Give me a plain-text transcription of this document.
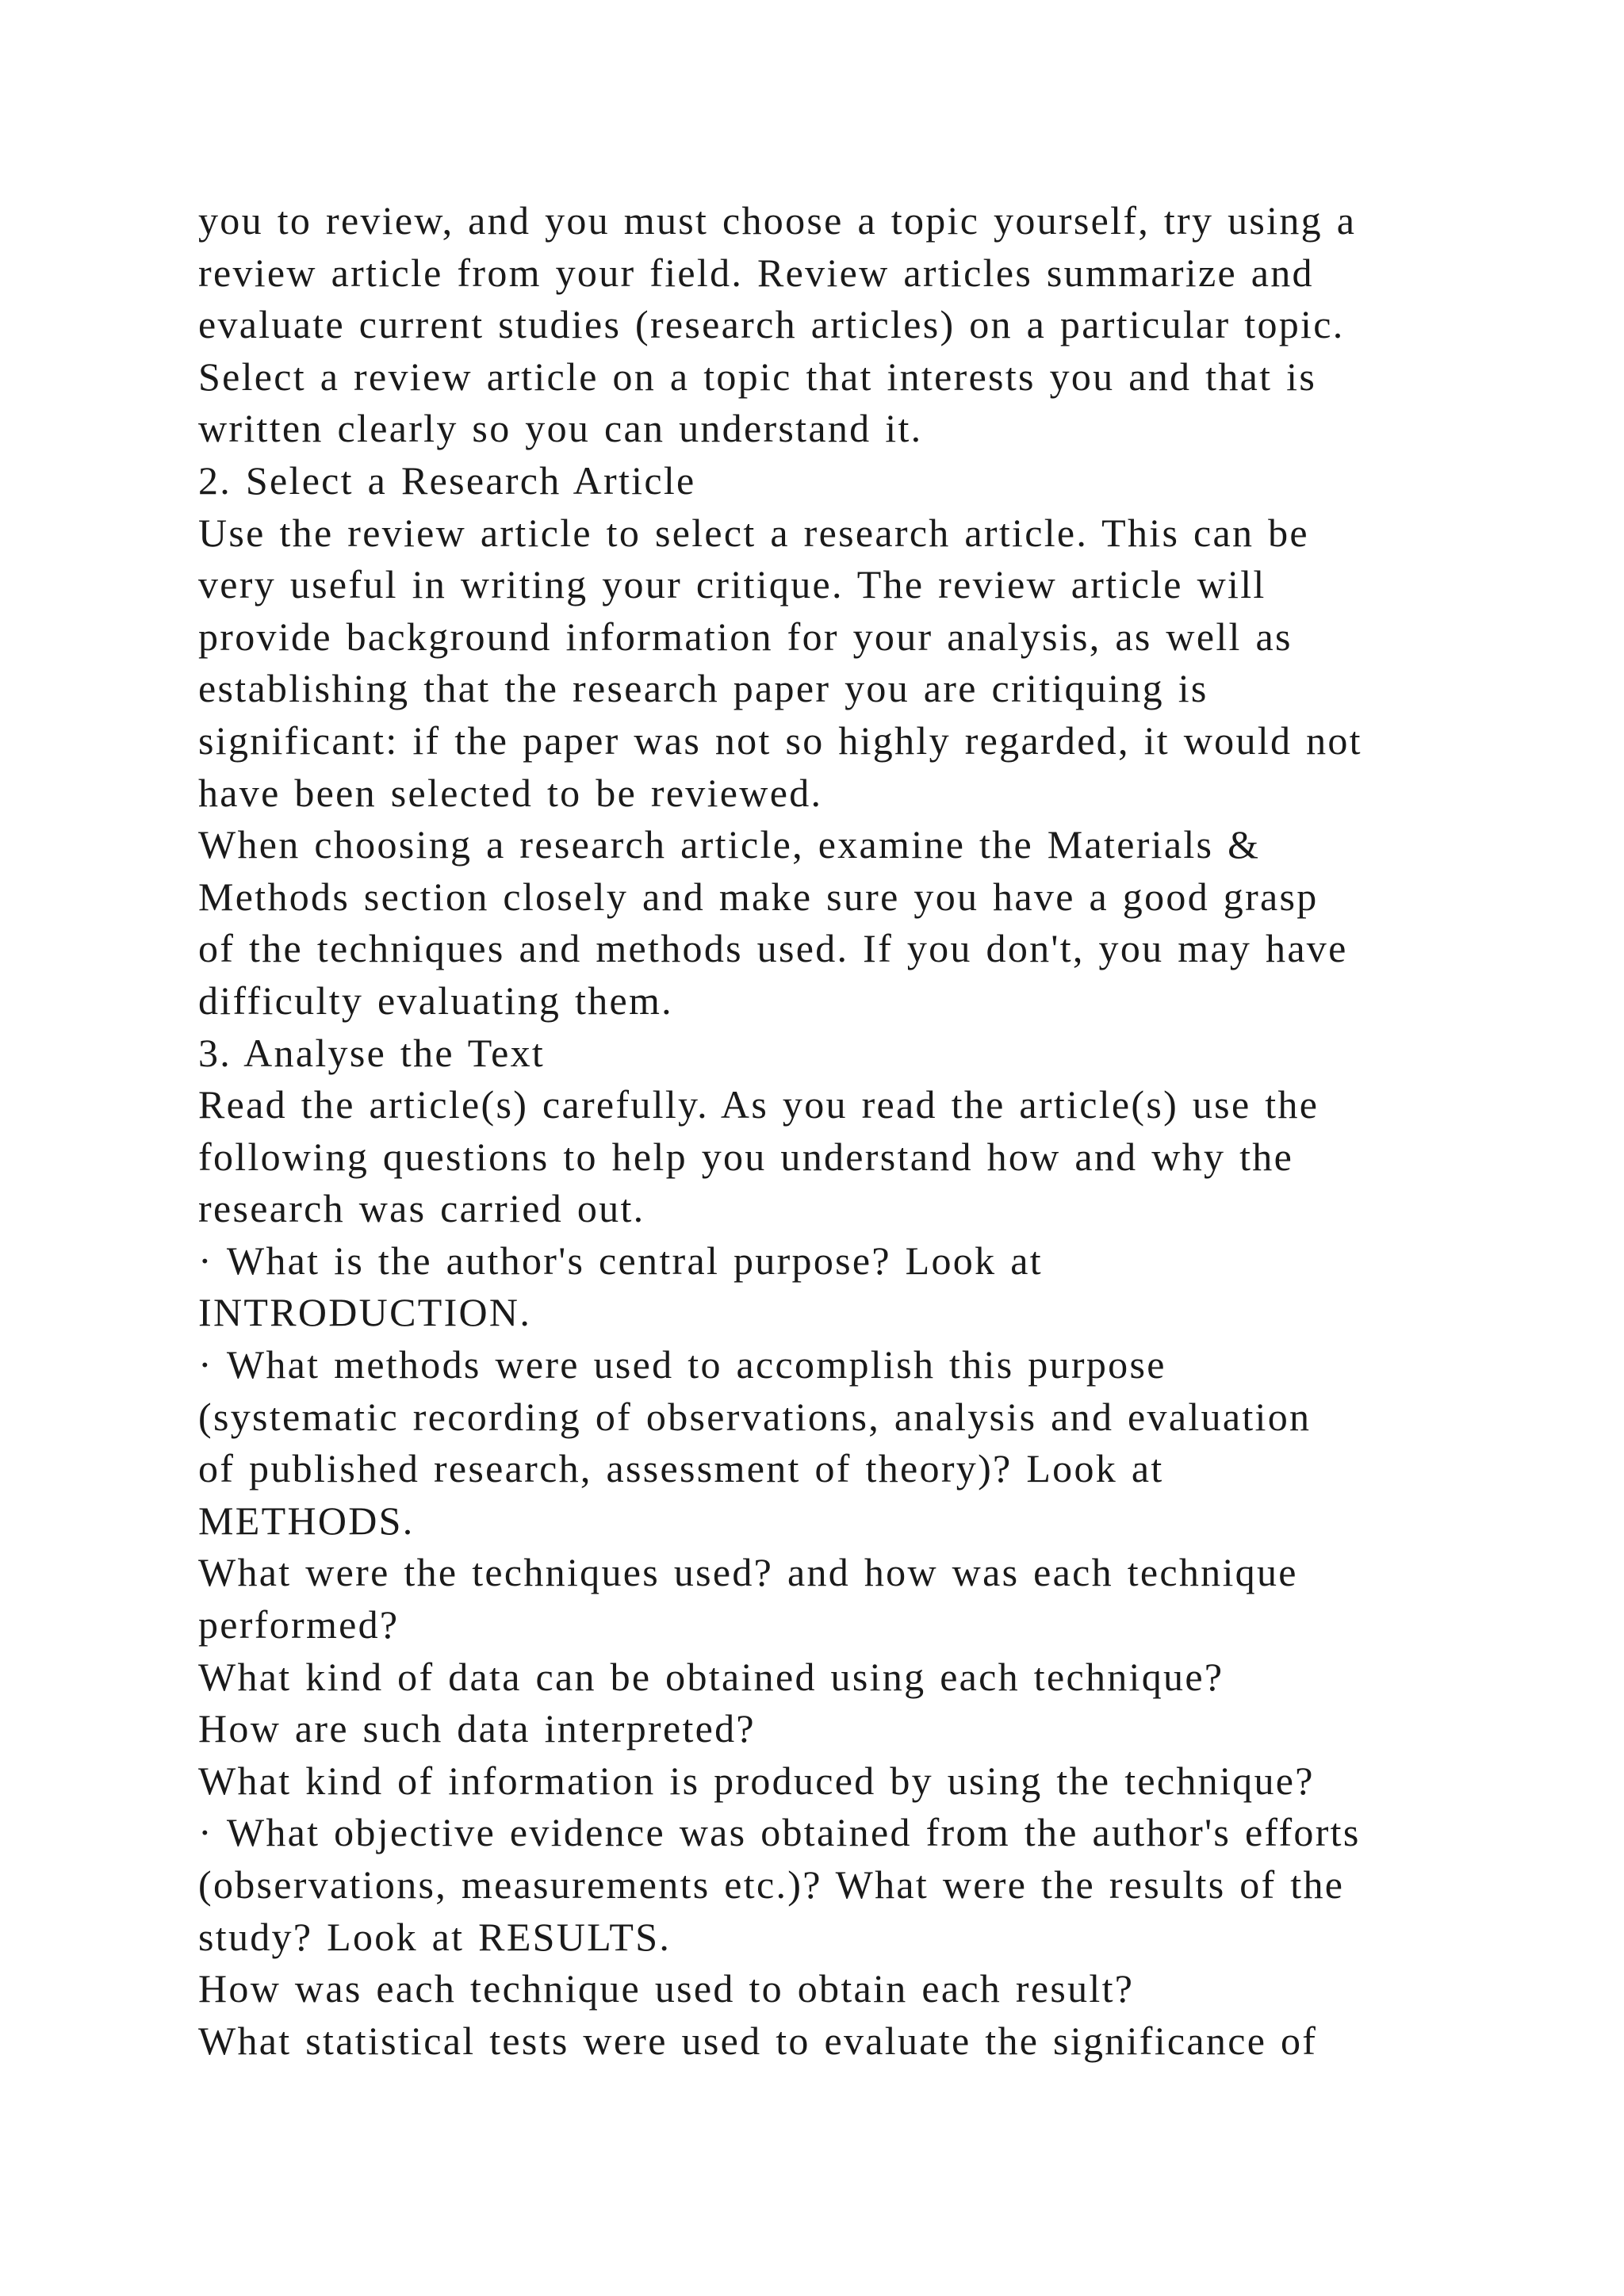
you to review, and you must choose a topic yourself, try using a
review article from your field. Review articles summarize and
evaluate current studies (research articles) on a particular topic.
Select a review article on a topic that interests you and that is
written clearly so you can understand it.
2. Select a Research Article
Use the review article to select a research article. This can be
very useful in writing your critique. The review article will
provide background information for your analysis, as well as
establishing that the research paper you are critiquing is
significant: if the paper was not so highly regarded, it would not
have been selected to be reviewed.
When choosing a research article, examine the Materials &
Methods section closely and make sure you have a good grasp
of the techniques and methods used. If you don't, you may have
difficulty evaluating them.
3. Analyse the Text
Read the article(s) carefully. As you read the article(s) use the
following questions to help you understand how and why the
research was carried out.
· What is the author's central purpose? Look at
INTRODUCTION.
· What methods were used to accomplish this purpose
(systematic recording of observations, analysis and evaluation
of published research, assessment of theory)? Look at
METHODS.
What were the techniques used? and how was each technique
performed?
What kind of data can be obtained using each technique?
How are such data interpreted?
What kind of information is produced by using the technique?
· What objective evidence was obtained from the author's efforts
(observations, measurements etc.)? What were the results of the
study? Look at RESULTS.
How was each technique used to obtain each result?
What statistical tests were used to evaluate the significance of
